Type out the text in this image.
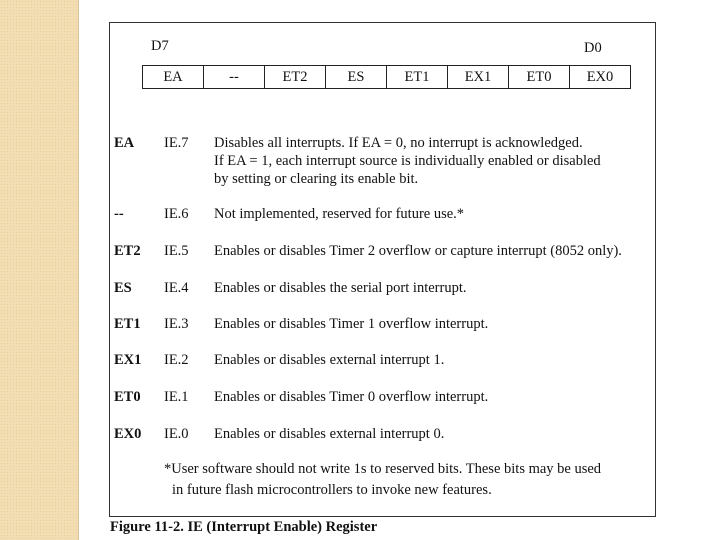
D7	D0
EA	--	ET2	ES	ET1	EX1	ET0	EX0
EA IE.7 Disables all interrupts. If EA = 0, no interrupt is acknowledged.
If EA = 1, each interrupt source is individually enabled or disabled
by setting or clearing its enable bit.
--	IE.6 Not implemented, reserved for future use.*
ET2 IE.5 Enables or disables Timer 2 overflow or capture interrupt (8052 only).
ES IE.4 Enables or disables the serial port interrupt.
ET1 IE.3 Enables or disables Timer 1 overflow interrupt.
EX1 IE.2 Enables or disables external interrupt 1.
ET0 IE.1 Enables or disables Timer 0 overflow interrupt.
EX0 IE.0 Enables or disables external interrupt 0.
*User software should not write 1s to reserved bits. These bits may be used
in future flash microcontrollers to invoke new features.
Figure 11-2. IE (Interrupt Enable) Register
